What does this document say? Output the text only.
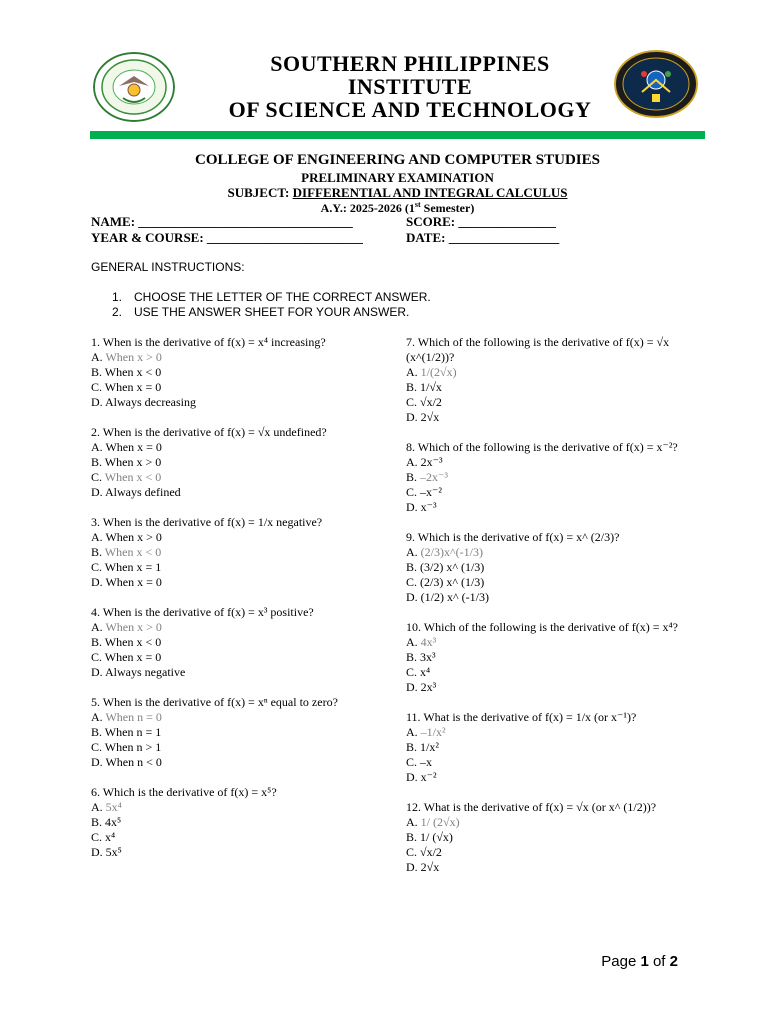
SOUTHERN PHILIPPINES
INSTITUTE
OF SCIENCE AND TECHNOLOGY
COLLEGE OF ENGINEERING AND COMPUTER STUDIES
PRELIMINARY EXAMINATION
SUBJECT: DIFFERENTIAL AND INTEGRAL CALCULUS
A.Y.: 2025-2026 (1st Semester)
NAME: _________________________________	SCORE: _______________
YEAR & COURSE: ________________________	DATE: _________________
GENERAL INSTRUCTIONS:
1. CHOOSE THE LETTER OF THE CORRECT ANSWER.
2. USE THE ANSWER SHEET FOR YOUR ANSWER.
1. When is the derivative of f(x) = x⁴ increasing?
A. When x > 0
B. When x < 0
C. When x = 0
D. Always decreasing
2. When is the derivative of f(x) = √x undefined?
A. When x = 0
B. When x > 0
C. When x < 0
D. Always defined
3. When is the derivative of f(x) = 1/x negative?
A. When x > 0
B. When x < 0
C. When x = 1
D. When x = 0
4. When is the derivative of f(x) = x³ positive?
A. When x > 0
B. When x < 0
C. When x = 0
D. Always negative
5. When is the derivative of f(x) = xⁿ equal to zero?
A. When n = 0
B. When n = 1
C. When n > 1
D. When n < 0
6. Which is the derivative of f(x) = x⁵?
A. 5x⁴
B. 4x⁵
C. x⁴
D. 5x⁵
7. Which of the following is the derivative of f(x) = √x (x^(1/2))?
A. 1/(2√x)
B. 1/√x
C. √x/2
D. 2√x
8. Which of the following is the derivative of f(x) = x⁻²?
A. 2x⁻³
B. –2x⁻³
C. –x⁻²
D. x⁻³
9. Which is the derivative of f(x) = x^ (2/3)?
A. (2/3)x^(-1/3)
B. (3/2) x^ (1/3)
C. (2/3) x^ (1/3)
D. (1/2) x^ (-1/3)
10. Which of the following is the derivative of f(x) = x⁴?
A. 4x³
B. 3x³
C. x⁴
D. 2x³
11. What is the derivative of f(x) = 1/x (or x⁻¹)?
A. –1/x²
B. 1/x²
C. –x
D. x⁻²
12. What is the derivative of f(x) = √x (or x^ (1/2))?
A. 1/ (2√x)
B. 1/ (√x)
C. √x/2
D. 2√x
Page 1 of 2
